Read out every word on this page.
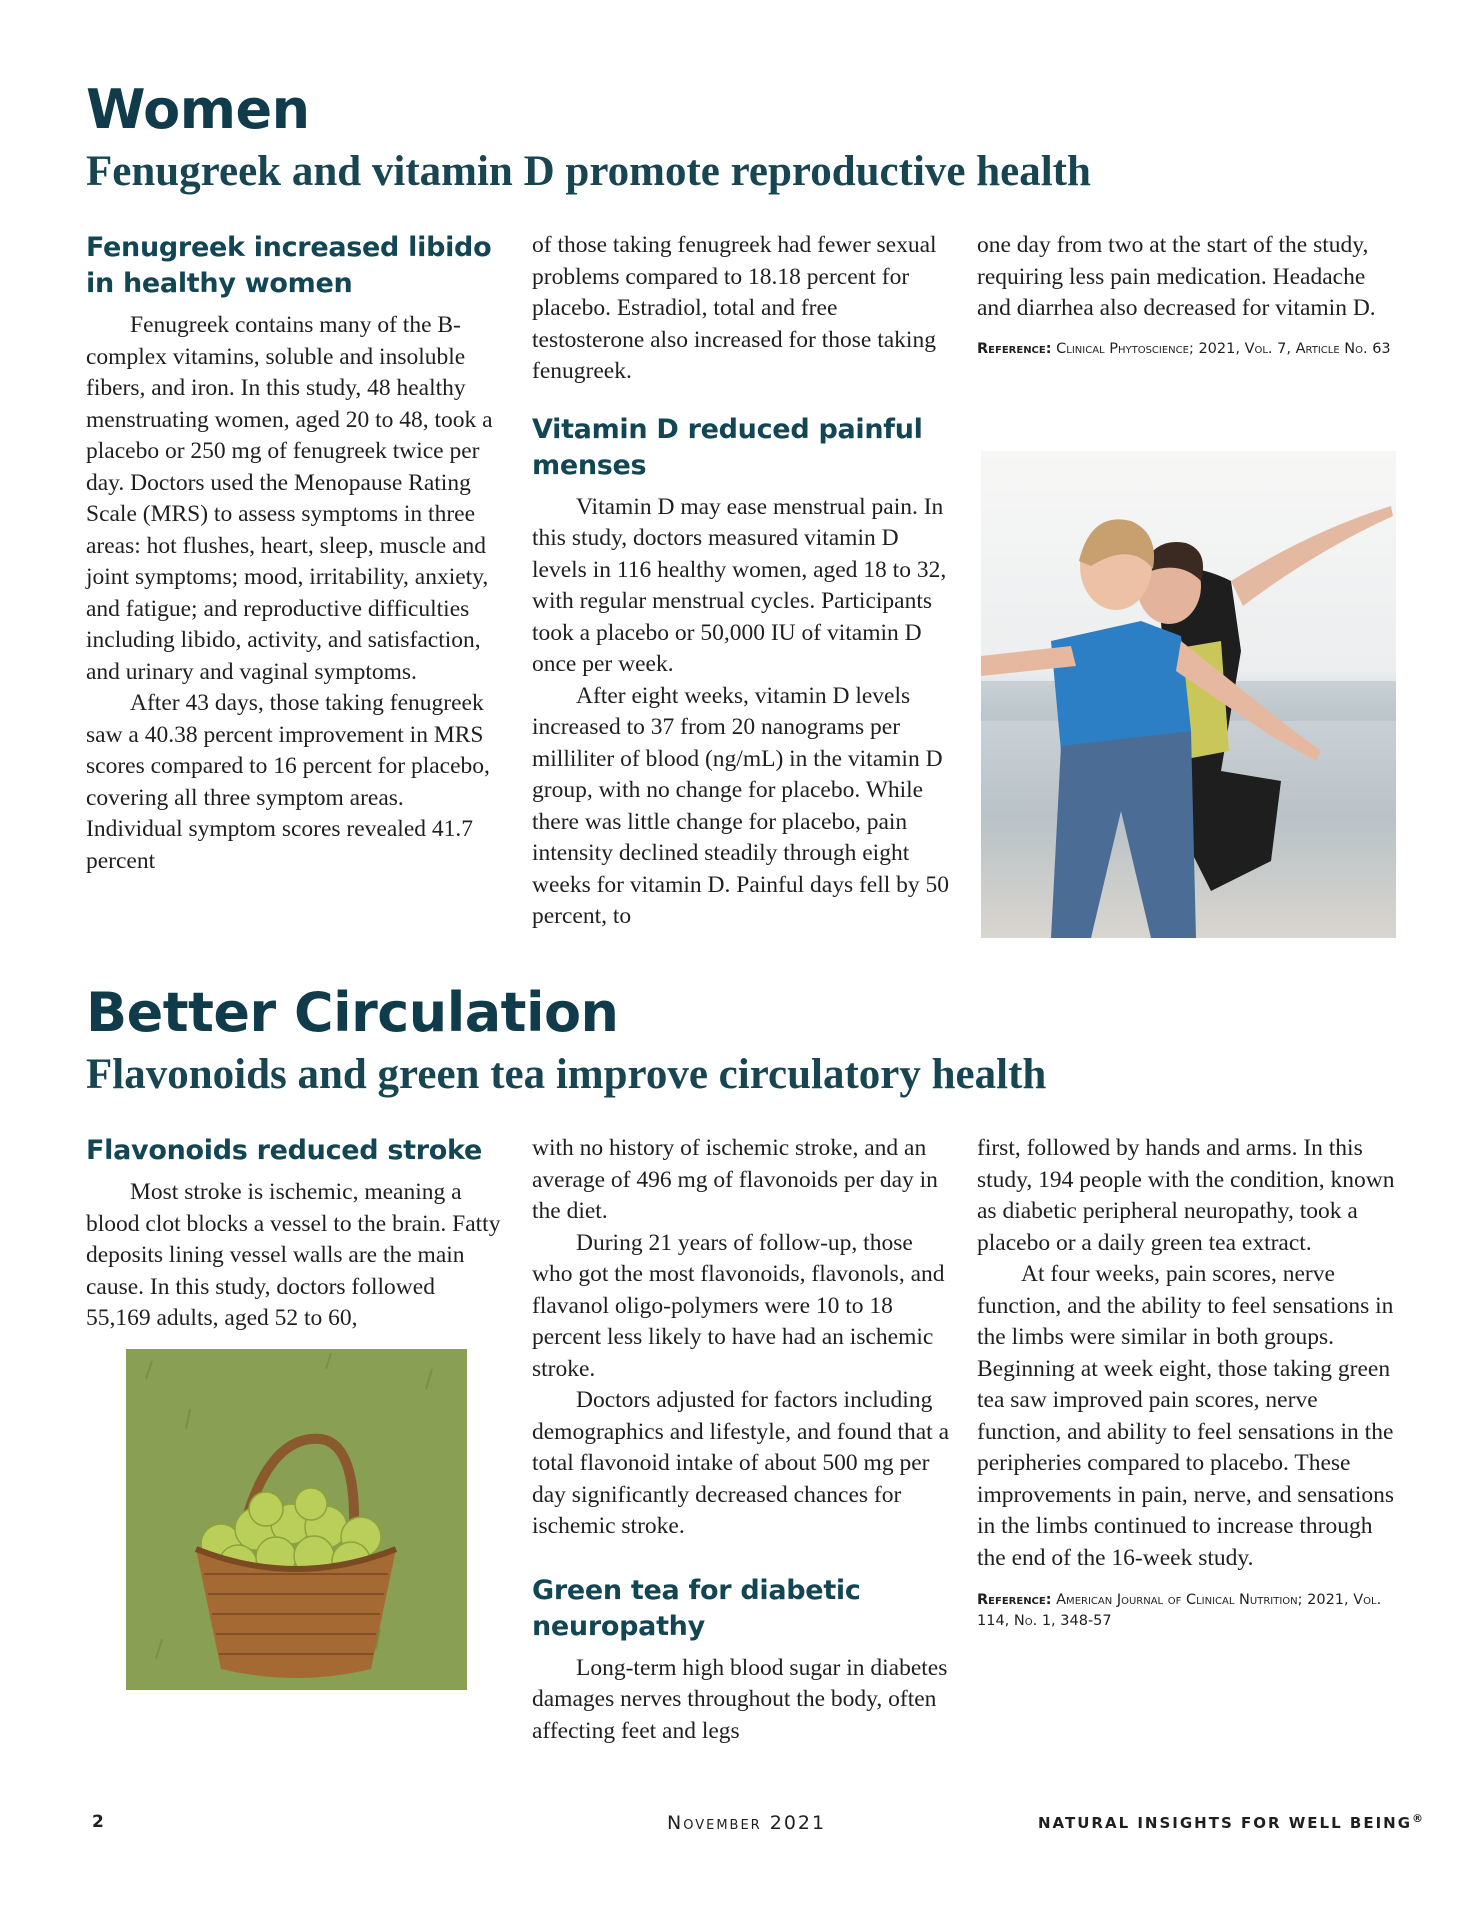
Women
Fenugreek and vitamin D promote reproductive health
Fenugreek increased libido in healthy women

Fenugreek contains many of the B-complex vitamins, soluble and insoluble fibers, and iron. In this study, 48 healthy menstruating women, aged 20 to 48, took a placebo or 250 mg of fenugreek twice per day. Doctors used the Menopause Rating Scale (MRS) to assess symptoms in three areas: hot flushes, heart, sleep, muscle and joint symptoms; mood, irritability, anxiety, and fatigue; and reproductive difficulties including libido, activity, and satisfaction, and urinary and vaginal symptoms.

After 43 days, those taking fenugreek saw a 40.38 percent improvement in MRS scores compared to 16 percent for placebo, covering all three symptom areas. Individual symptom scores revealed 41.7 percent

of those taking fenugreek had fewer sexual problems compared to 18.18 percent for placebo. Estradiol, total and free testosterone also increased for those taking fenugreek.

Vitamin D reduced painful menses

Vitamin D may ease menstrual pain. In this study, doctors measured vitamin D levels in 116 healthy women, aged 18 to 32, with regular menstrual cycles. Participants took a placebo or 50,000 IU of vitamin D once per week.

After eight weeks, vitamin D levels increased to 37 from 20 nanograms per milliliter of blood (ng/mL) in the vitamin D group, with no change for placebo. While there was little change for placebo, pain intensity declined steadily through eight weeks for vitamin D. Painful days fell by 50 percent, to

one day from two at the start of the study, requiring less pain medication. Headache and diarrhea also decreased for vitamin D.

Reference: Clinical Phytoscience; 2021, Vol. 7, Article No. 63
Better Circulation
Flavonoids and green tea improve circulatory health
Flavonoids reduced stroke

Most stroke is ischemic, meaning a blood clot blocks a vessel to the brain. Fatty deposits lining vessel walls are the main cause. In this study, doctors followed 55,169 adults, aged 52 to 60,

with no history of ischemic stroke, and an average of 496 mg of flavonoids per day in the diet.

During 21 years of follow-up, those who got the most flavonoids, flavonols, and flavanol oligo-polymers were 10 to 18 percent less likely to have had an ischemic stroke.

Doctors adjusted for factors including demographics and lifestyle, and found that a total flavonoid intake of about 500 mg per day significantly decreased chances for ischemic stroke.

Green tea for diabetic neuropathy

Long-term high blood sugar in diabetes damages nerves throughout the body, often affecting feet and legs

first, followed by hands and arms. In this study, 194 people with the condition, known as diabetic peripheral neuropathy, took a placebo or a daily green tea extract.

At four weeks, pain scores, nerve function, and the ability to feel sensations in the limbs were similar in both groups. Beginning at week eight, those taking green tea saw improved pain scores, nerve function, and ability to feel sensations in the peripheries compared to placebo. These improvements in pain, nerve, and sensations in the limbs continued to increase through the end of the 16-week study.

Reference: American Journal of Clinical Nutrition; 2021, Vol. 114, No. 1, 348-57
2	November 2021	NATURAL INSIGHTS FOR WELL BEING®
